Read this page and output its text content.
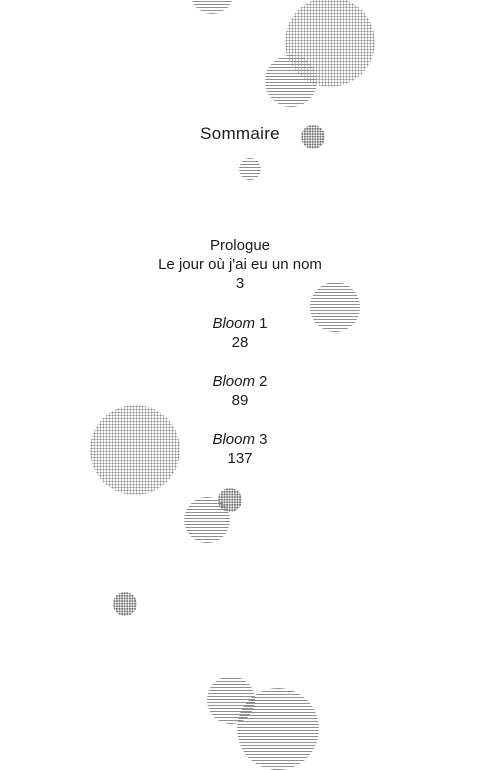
Sommaire
Prologue
Le jour où j'ai eu un nom
3
Bloom 1
28
Bloom 2
89
Bloom 3
137
